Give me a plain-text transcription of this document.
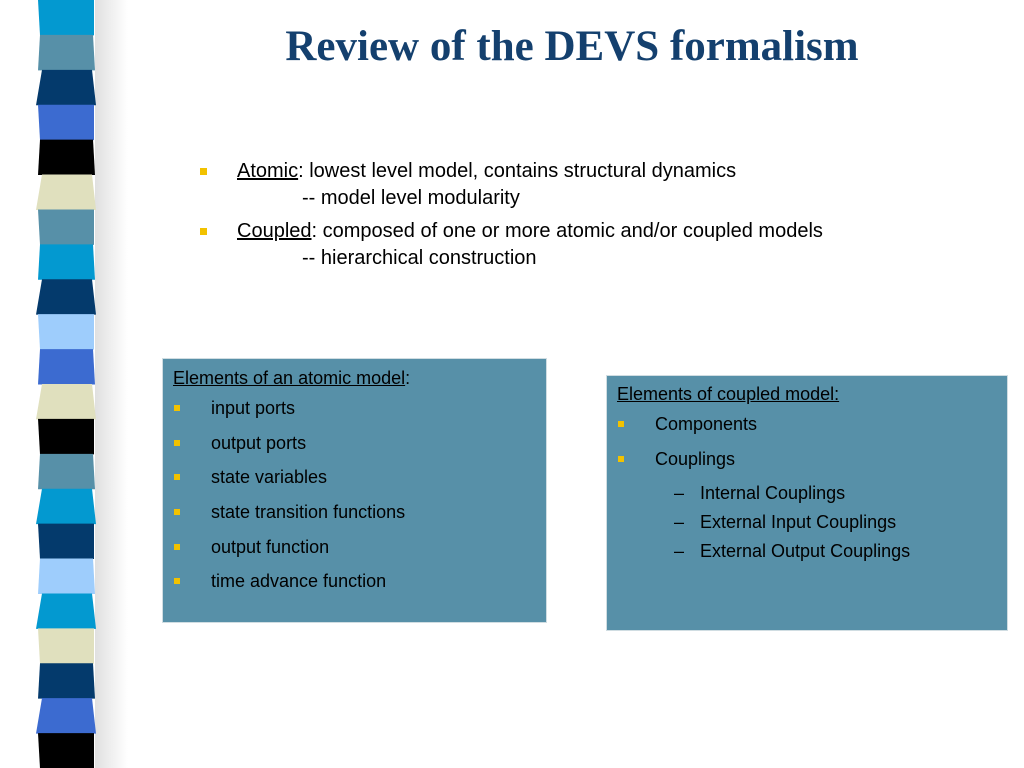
Review of the DEVS formalism
Atomic: lowest level model, contains structural dynamics
-- model level modularity
Coupled: composed of one or more atomic and/or coupled models
-- hierarchical construction
Elements of an atomic model:
input ports
output ports
state variables
state transition functions
output function
time advance function
Elements of coupled model:
Components
Couplings
– Internal Couplings
– External Input Couplings
– External Output Couplings
